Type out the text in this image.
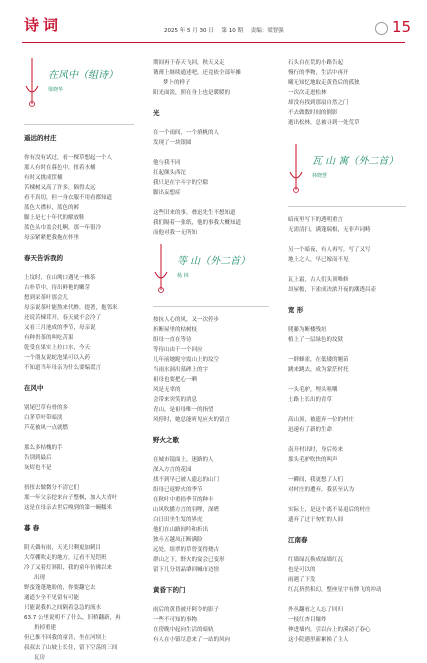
诗词	2025 年 5 月 30 日 第 10 期 责编：梁智强	15
在风中（组诗）
梁晓华
遥远的村庄

你有没有试过，看一棵草想起一个人

那人有时在暮色中，扭着水桶

有时又挑成筐桶

苦棟树又高了许多，隔得太远

看不真切，但一身衣服不用看都知道

蓝色大襟衫，蓝色的裤

脚上是七十年代的解放鞋

蓝色头巾盖会扎啊，那一年很冷

母亲紧紧把我拖在怀里

春天告诉我的

上坟时，在山坳口遇见一株茶

古朴草中，待出鲜艳的嫩芽

想到采茶叶那会儿

母亲说茶叶能熬来代酢，提著，抱邻米

还说苦棟茸开，春天就不会冷了

又看三月池成的季节，母亲说

有种贵茶的叫吃苦果

乾受在果实上拉口水，今天

一个朋友说蛇泡果可以入药

不知道当年母亲为什么要编谎言

在风中

别尾巴草有骨的多

白茅草叶带暗淡

芦花被风一点就燃

那么多枯槐的手

告别到最后

灰烬也不是

扭扭去做微分不清它们

那一年父亲挖来台子整枫，加入大青叶

这是在母亲去世后嗅到的第一碗糯米

暮 春

阴天偶有雨，天光只剩更加刺目

大草棚吹走的地方，辽看不见铠班

冷了又着灯斜阳，我的童年仿佛以来

出现

野蛮蓬蓬地盼的，你要翻它去

通道少全不见留有可能

只能说我扒之间隔着急急的流水

63.7 公里说明不了什么，旧桥翻新，再

扔掉重建

但已推不回我的童昔，坐在河坝上

叔叔去了山坡上长住，留下空荡的三间

瓦房

期间再于春天飞回，秋天又走

篝薄上继续通述吧，还竟依全部年摊

梦卜的样子

阳光面淡，照在身上也是暖暖的

光

在一个雨间，一个填帆的人

发现了一块银圆

他与我不同

扛起颠头西沱

我只是在字斗字的空隙

脚出妄想症

这些旧来的事，叠迅先生不想知道

我们隔着一张纸，他的事我大概知道

而他对我一无所知

等 山（外二首）
杨 林

按抗人心的风，又一次停步

折断屋里的枯树枝

组母一直在等待

等待山由千一个回应

几年前她跪守震山上的坟空

当雨水洞出墓碑上的字

祖母也要把心一晒

风是无辜的

会带来突笑的消息

青山，是祖母唯一的指望

风停时，她总能听见应火的留言

野火之歌

在城市镜面上，迷路的人

深入方言的花园

找不到早已被人遗忘的山门

组母已返野火的季节

在秋叶中重拾季节的种丰

山风吹播方言的羽哩，深嗜

白日田坐生发的界虎

他们在山路间吟和折出

独斗五越凤正断满险

远处，组翠的草曾变得烧古

群山之下，野火的宴会已变形

留下几分切晶肇回喊市边情

黄昏下的门

雨后的黄昏被开阿令的影子

一些不可知的事物

在傍晚中起向生活的暗轨

有人在小镇尽意来了一站的风向

石头自在荒的小路告起

慢行的季物，生活中再开

曦无知忆地取走黄昏后的孤独

一次次走进松林

却没有找到那扇自然之门

不去做数时间的倒影

逝出松林，总被寻到一处荒草

瓦 山 寓（外二首）
林晓慧

暗夜里写下的透明重言

无需清扫，满蓬瑞根，无非声词畴

另一个暗夜，有人再写，写了又写

地上之人，早已嫁而不见

瓦上霜，古人们头顶唯修

昂屋檐，下雀成决浓升夜的潮透昌壶

宽 形

爬藤为断楼残垣

植上了一层绿色的坟狱

一群蜂雀，在低矮的翘苗

跳来跳去，成为蒙茫村托

一头毛驴，埋头咀嚼

土路上长出的青草

高山顶，被遗弃一位的村庄

迅速有了新的生命

南开村出时，身后传来

那头毛驴吹快的叫声

一瞬间，我更想了人们

对村庄的遭弃，我甚至认为

实际上，是这个离不易退后的村庄

遗弃了过于匆忙的人间

江南春

红墙绿瓦换成绿墙红瓦

也是可以的

雨遇了下发

红瓦挤然积幻，整座星宇有牌飞的冲动

外丛翻看之人忘了回归

一枝红杏目爆炸

伸进墙内，引以台上的溪动了春心

这小院遇里新累换了主人
